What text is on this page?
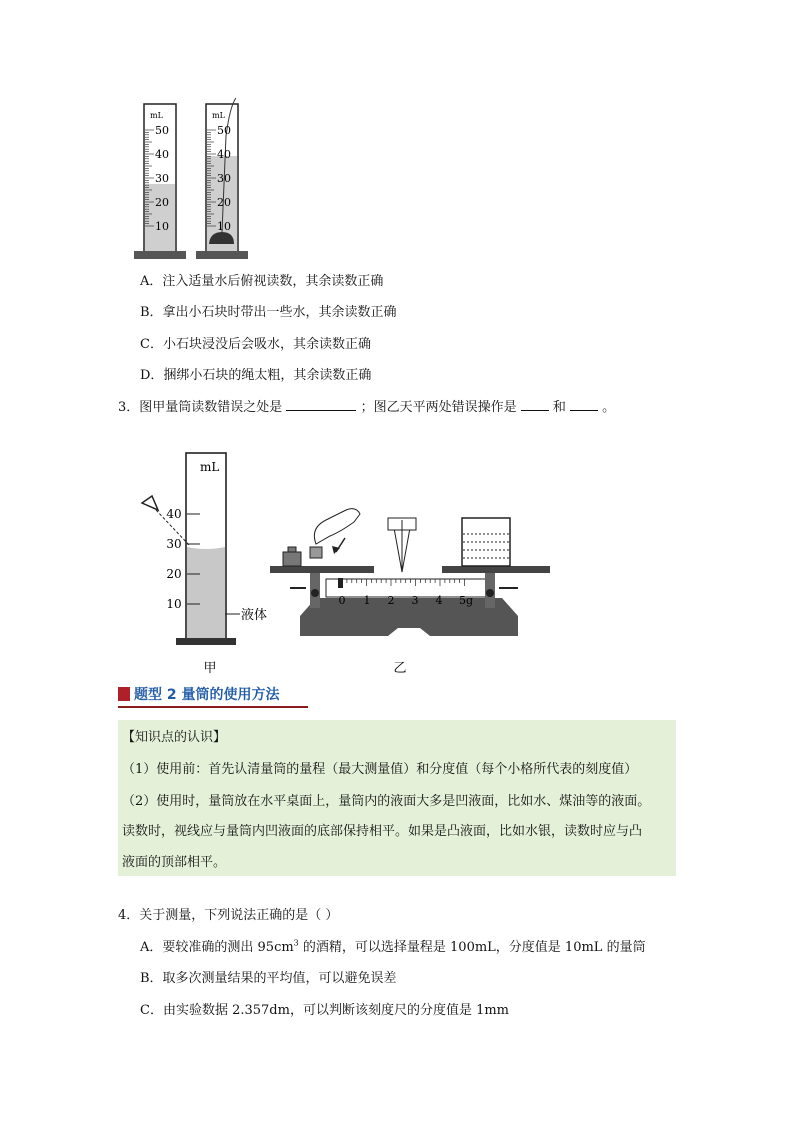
mL
50
40
30
20
10
mL
50
40
30
20
10
A．注入适量水后俯视读数，其余读数正确
B．拿出小石块时带出一些水，其余读数正确
C．小石块浸没后会吸水，其余读数正确
D．捆绑小石块的绳太粗，其余读数正确
3．图甲量筒读数错误之处是	；图乙天平两处错误操作是	和	。
mL
40
30
20
10
液体
甲
0 1 2 3 4 5g
乙
题型 2 量筒的使用方法
【知识点的认识】
（1）使用前：首先认清量筒的量程（最大测量值）和分度值（每个小格所代表的刻度值）
（2）使用时，量筒放在水平桌面上，量筒内的液面大多是凹液面，比如水、煤油等的液面。
读数时，视线应与量筒内凹液面的底部保持相平。如果是凸液面，比如水银，读数时应与凸
液面的顶部相平。
4．关于测量，下列说法正确的是（ ）
A．要较准确的测出 $95cm^3$ 的酒精，可以选择量程是 100mL，分度值是 10mL 的量筒
B．取多次测量结果的平均值，可以避免误差
C．由实验数据 2.357dm，可以判断该刻度尺的分度值是 1mm
